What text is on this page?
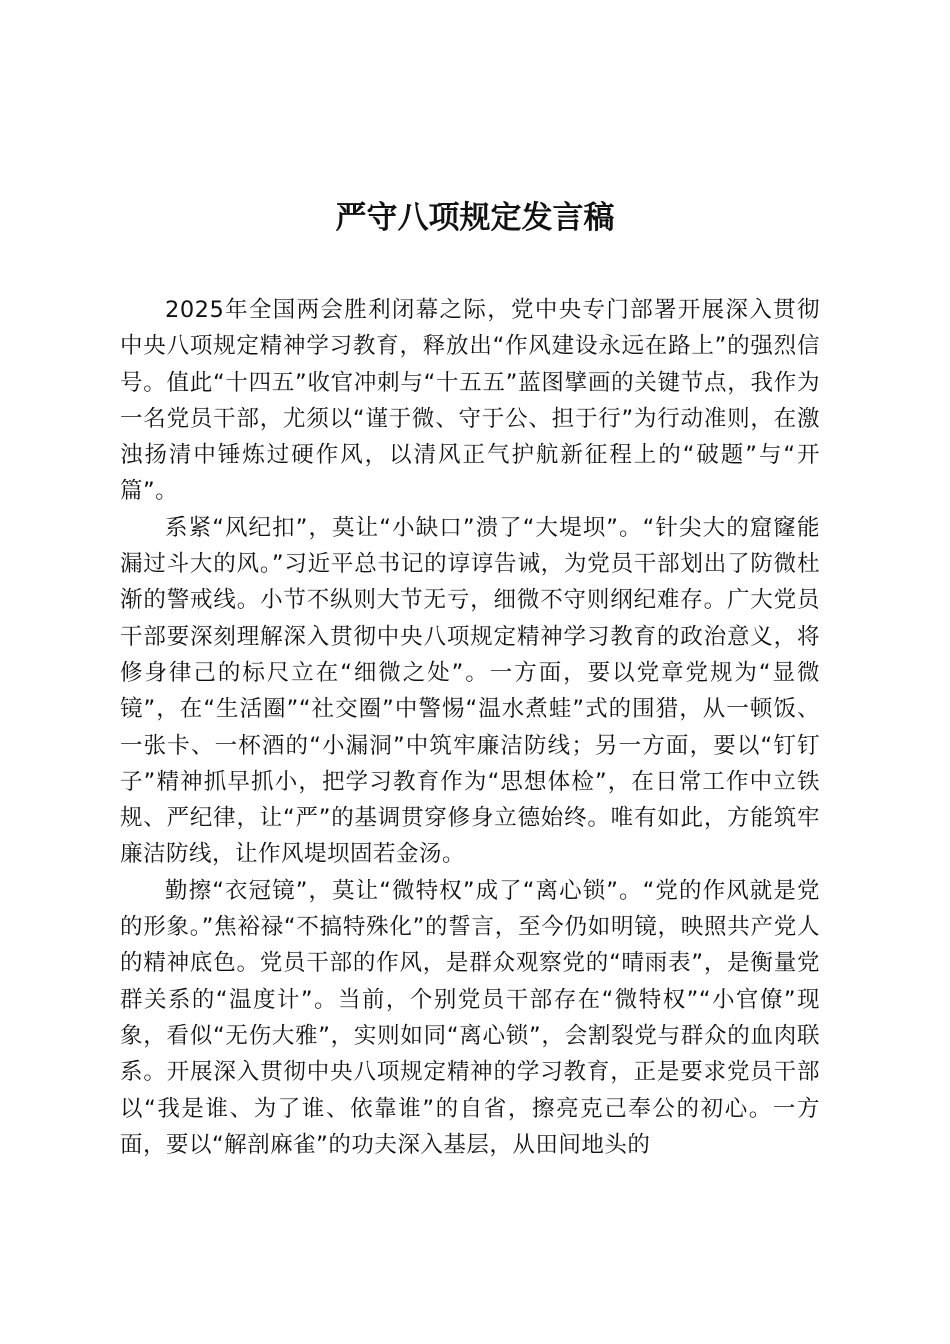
严守八项规定发言稿

2025年全国两会胜利闭幕之际，党中央专门部署开展深入贯彻中央八项规定精神学习教育，释放出“作风建设永远在路上”的强烈信号。值此“十四五”收官冲刺与“十五五”蓝图擘画的关键节点，我作为一名党员干部，尤须以“谨于微、守于公、担于行”为行动准则，在激浊扬清中锤炼过硬作风，以清风正气护航新征程上的“破题”与“开篇”。

系紧“风纪扣”，莫让“小缺口”溃了“大堤坝”。“针尖大的窟窿能漏过斗大的风。”习近平总书记的谆谆告诫，为党员干部划出了防微杜渐的警戒线。小节不纵则大节无亏，细微不守则纲纪难存。广大党员干部要深刻理解深入贯彻中央八项规定精神学习教育的政治意义，将修身律己的标尺立在“细微之处”。一方面，要以党章党规为“显微镜”，在“生活圈”“社交圈”中警惕“温水煮蛙”式的围猎，从一顿饭、一张卡、一杯酒的“小漏洞”中筑牢廉洁防线；另一方面，要以“钉钉子”精神抓早抓小，把学习教育作为“思想体检”，在日常工作中立铁规、严纪律，让“严”的基调贯穿修身立德始终。唯有如此，方能筑牢廉洁防线，让作风堤坝固若金汤。

勤擦“衣冠镜”，莫让“微特权”成了“离心锁”。“党的作风就是党的形象。”焦裕禄“不搞特殊化”的誓言，至今仍如明镜，映照共产党人的精神底色。党员干部的作风，是群众观察党的“晴雨表”，是衡量党群关系的“温度计”。当前，个别党员干部存在“微特权”“小官僚”现象，看似“无伤大雅”，实则如同“离心锁”，会割裂党与群众的血肉联系。开展深入贯彻中央八项规定精神的学习教育，正是要求党员干部以“我是谁、为了谁、依靠谁”的自省，擦亮克己奉公的初心。一方面，要以“解剖麻雀”的功夫深入基层，从田间地头的
